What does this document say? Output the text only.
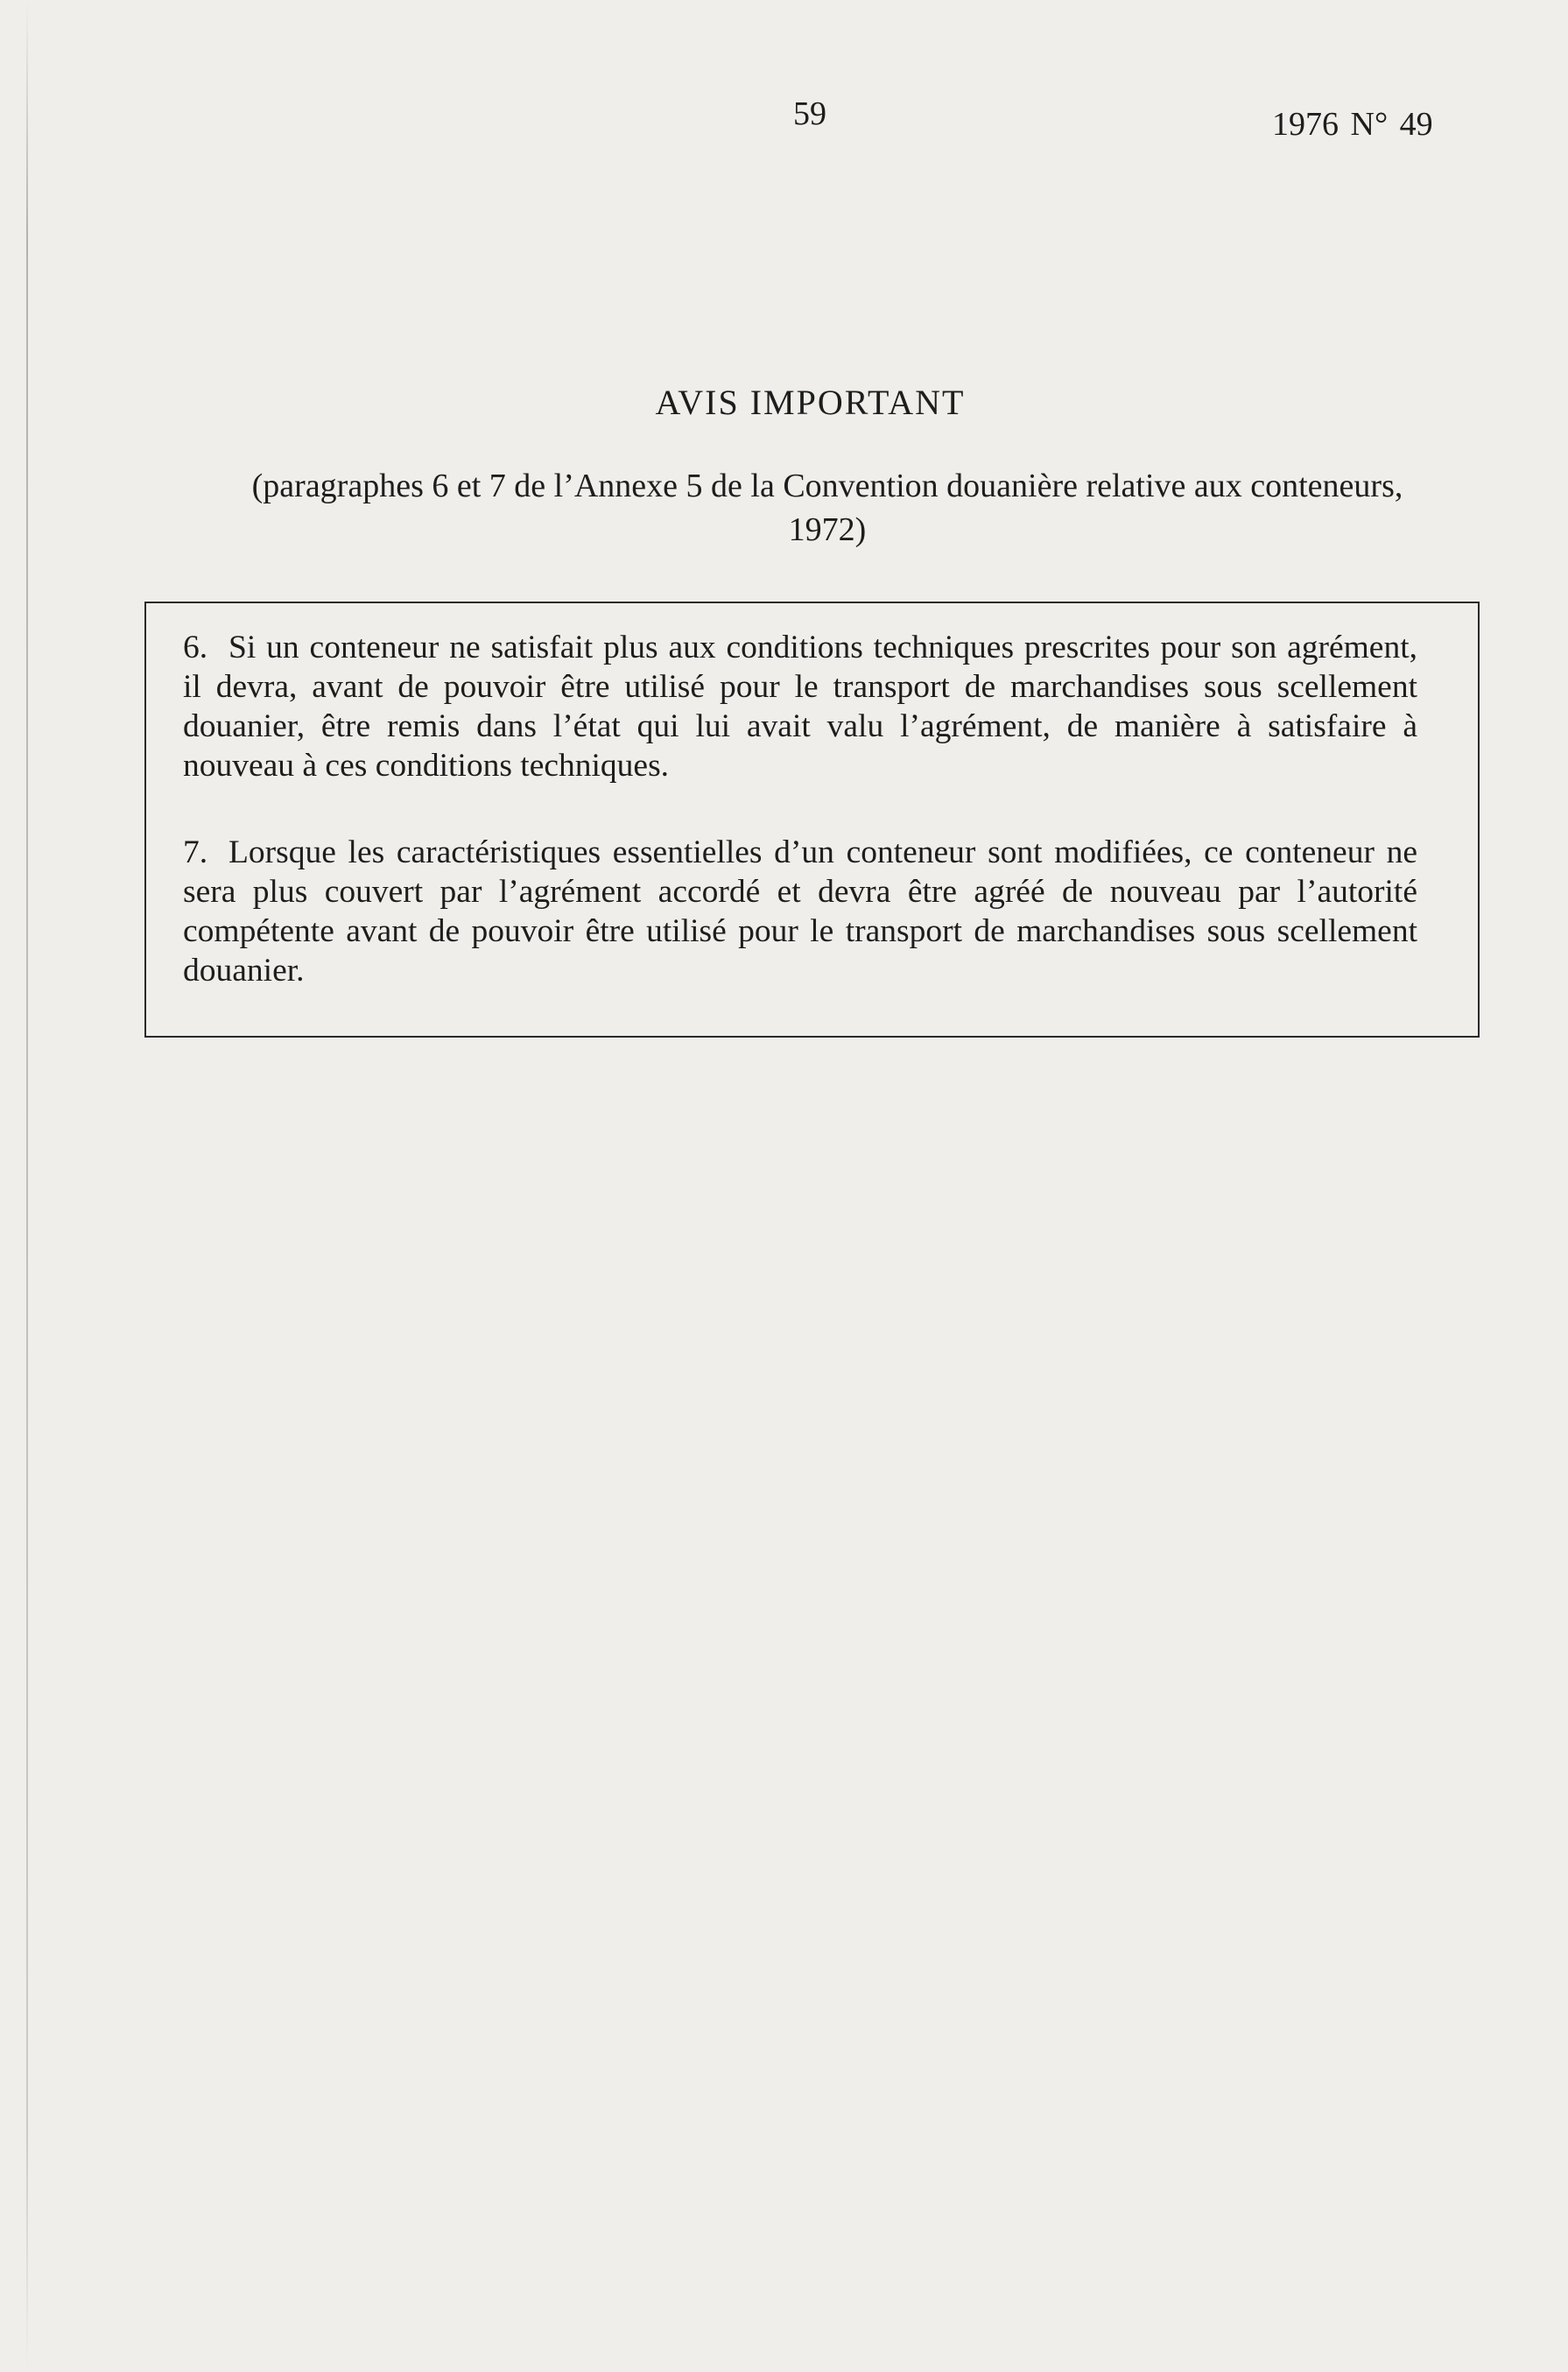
59	1976 N° 49
AVIS IMPORTANT
(paragraphes 6 et 7 de l’Annexe 5 de la Convention douanière relative aux conteneurs, 1972)

6. Si un conteneur ne satisfait plus aux conditions techniques prescrites pour son agrément, il devra, avant de pouvoir être utilisé pour le transport de marchandises sous scellement douanier, être remis dans l’état qui lui avait valu l’agrément, de manière à satisfaire à nouveau à ces conditions techniques.

7. Lorsque les caractéristiques essentielles d’un conteneur sont modifiées, ce conteneur ne sera plus couvert par l’agrément accordé et devra être agréé de nouveau par l’autorité compétente avant de pouvoir être utilisé pour le transport de marchandises sous scellement douanier.
